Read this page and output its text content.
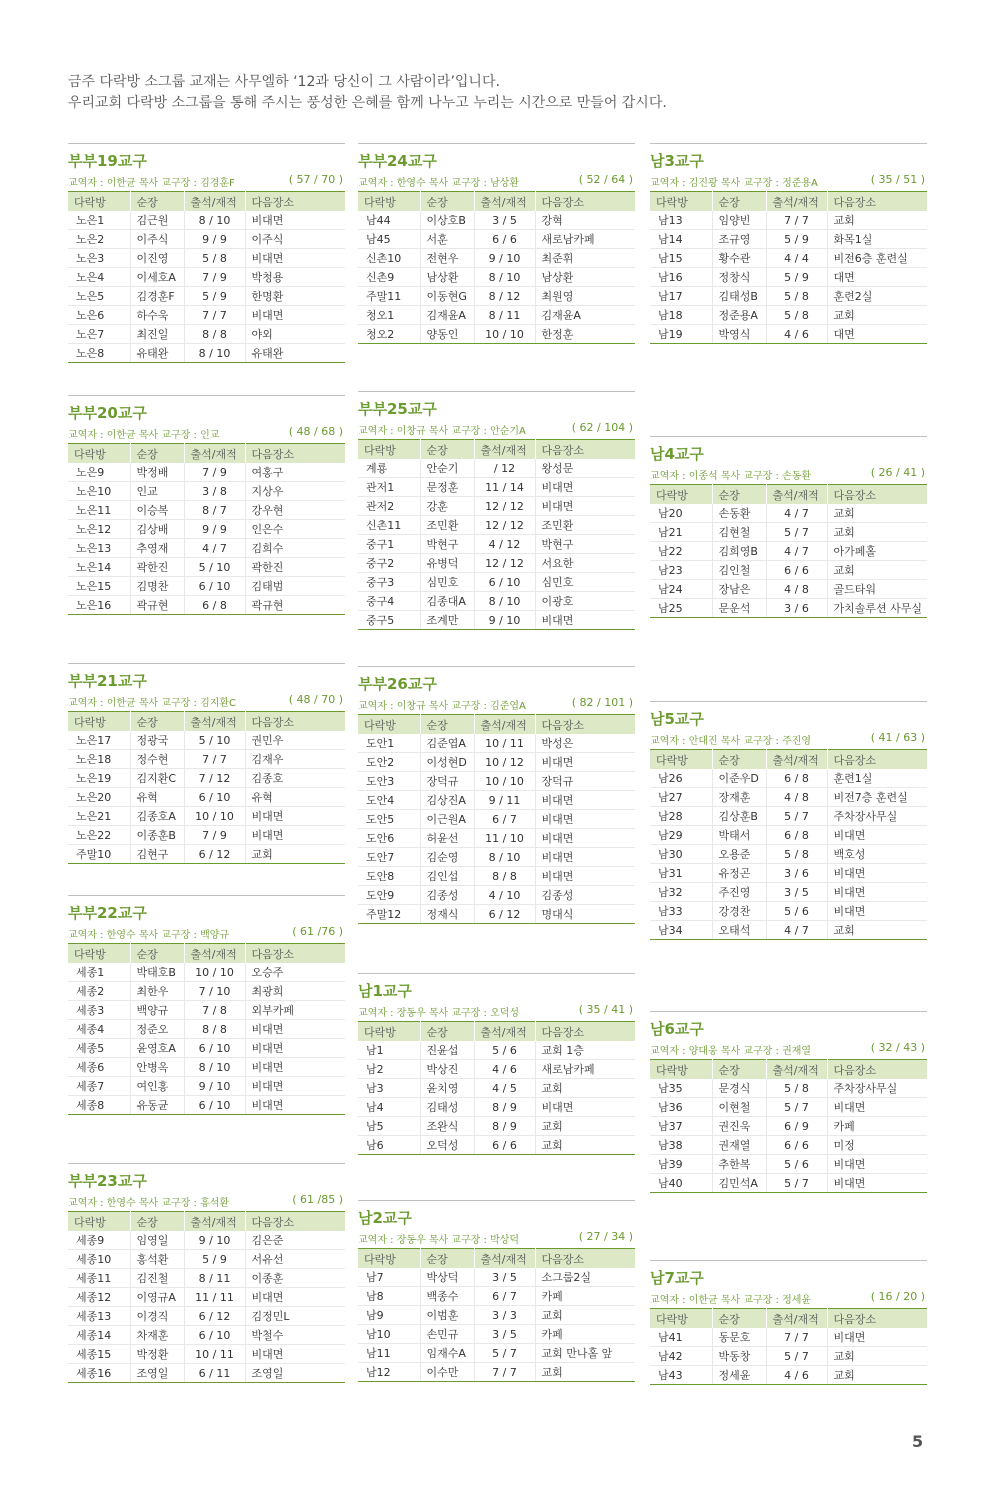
금주 다락방 소그룹 교재는 사무엘하 ‘12과 당신이 그 사람이라’입니다.
우리교회 다락방 소그룹을 통해 주시는 풍성한 은혜를 함께 나누고 누리는 시간으로 만들어 갑시다.
부부19교구
교역자 : 이한균 목사 교구장 : 김경훈F	( 57 / 70 )
다락방	순장	출석/재적	다음장소
노은1	김근원	8 / 10	비대면
노은2	이주식	9 / 9	이주식
노은3	이진영	5 / 8	비대면
노은4	이세호A	7 / 9	박청용
노은5	김경훈F	5 / 9	한명환
노은6	하수욱	7 / 7	비대면
노은7	최진일	8 / 8	야외
노은8	유태완	8 / 10	유태완
부부20교구
교역자 : 이한균 목사 교구장 : 인교	( 48 / 68 )
다락방	순장	출석/재적	다음장소
노은9	박정배	7 / 9	여홍구
노은10	인교	3 / 8	지상우
노은11	이승복	8 / 7	강우현
노은12	김상배	9 / 9	인은수
노은13	추영재	4 / 7	김희수
노은14	곽한진	5 / 10	곽한진
노은15	김명찬	6 / 10	김태범
노은16	곽규현	6 / 8	곽규현
부부21교구
교역자 : 이한균 목사 교구장 : 김지환C	( 48 / 70 )
다락방	순장	출석/재적	다음장소
노은17	정광국	5 / 10	권민우
노은18	정수현	7 / 7	김재우
노은19	김지환C	7 / 12	김종호
노은20	유혁	6 / 10	유혁
노은21	김종호A	10 / 10	비대면
노은22	이종훈B	7 / 9	비대면
주말10	김현구	6 / 12	교회
부부22교구
교역자 : 한영수 목사 교구장 : 백양규	( 61 /76 )
다락방	순장	출석/재적	다음장소
세종1	박태호B	10 / 10	오승주
세종2	최한우	7 / 10	최광희
세종3	백양규	7 / 8	외부카페
세종4	정준오	8 / 8	비대면
세종5	윤영호A	6 / 10	비대면
세종6	안병옥	8 / 10	비대면
세종7	여인홍	9 / 10	비대면
세종8	유동균	6 / 10	비대면
부부23교구
교역자 : 한영수 목사 교구장 : 홍석환	( 61 /85 )
다락방	순장	출석/재적	다음장소
세종9	임영일	9 / 10	김은준
세종10	홍석환	5 / 9	서유선
세종11	김진철	8 / 11	이종훈
세종12	이영규A	11 / 11	비대면
세종13	이경직	6 / 12	김정민L
세종14	차재훈	6 / 10	박철수
세종15	박정환	10 / 11	비대면
세종16	조영일	6 / 11	조영일
부부24교구
교역자 : 한영수 목사 교구장 : 남상환	( 52 / 64 )
다락방	순장	출석/재적	다음장소
남44	이상호B	3 / 5	강혁
남45	서훈	6 / 6	새로남카페
신촌10	전현우	9 / 10	최준휘
신촌9	남상환	8 / 10	남상환
주말11	이동현G	8 / 12	최원영
청오1	김재윤A	8 / 11	김재윤A
청오2	양동인	10 / 10	한정훈
부부25교구
교역자 : 이창규 목사 교구장 : 안순기A	( 62 / 104 )
다락방	순장	출석/재적	다음장소
계룡	안순기	/ 12	왕성문
관저1	문정훈	11 / 14	비대면
관저2	강훈	12 / 12	비대면
신촌11	조민환	12 / 12	조민환
중구1	박현구	4 / 12	박현구
중구2	유병덕	12 / 12	서요한
중구3	심민호	6 / 10	심민호
중구4	김종대A	8 / 10	이광호
중구5	조계만	9 / 10	비대면
부부26교구
교역자 : 이창규 목사 교구장 : 김준엽A	( 82 / 101 )
다락방	순장	출석/재적	다음장소
도안1	김준엽A	10 / 11	박성은
도안2	이성현D	10 / 12	비대면
도안3	장덕규	10 / 10	장덕규
도안4	김상진A	9 / 11	비대면
도안5	이근원A	6 / 7	비대면
도안6	허윤선	11 / 10	비대면
도안7	김순영	8 / 10	비대면
도안8	김인섭	8 / 8	비대면
도안9	김종성	4 / 10	김종성
주말12	정재식	6 / 12	명대식
남1교구
교역자 : 장동우 목사 교구장 : 오덕성	( 35 / 41 )
다락방	순장	출석/재적	다음장소
남1	진윤섭	5 / 6	교회 1층
남2	박상진	4 / 6	새로남카페
남3	윤치영	4 / 5	교회
남4	김태성	8 / 9	비대면
남5	조완식	8 / 9	교회
남6	오덕성	6 / 6	교회
남2교구
교역자 : 장동우 목사 교구장 : 박상덕	( 27 / 34 )
다락방	순장	출석/재적	다음장소
남7	박상덕	3 / 5	소그룹2실
남8	백종수	6 / 7	카페
남9	이범훈	3 / 3	교회
남10	손민규	3 / 5	카페
남11	임재수A	5 / 7	교회 만나홀 앞
남12	이수만	7 / 7	교회
남3교구
교역자 : 김진광 목사 교구장 : 정준용A	( 35 / 51 )
다락방	순장	출석/재적	다음장소
남13	임양빈	7 / 7	교회
남14	조규영	5 / 9	화목1실
남15	황수관	4 / 4	비전6층 훈련실
남16	정창식	5 / 9	대면
남17	김태성B	5 / 8	훈련2실
남18	정준용A	5 / 8	교회
남19	박영식	4 / 6	대면
남4교구
교역자 : 이종석 목사 교구장 : 손동환	( 26 / 41 )
다락방	순장	출석/재적	다음장소
남20	손동환	4 / 7	교회
남21	김현철	5 / 7	교회
남22	김희영B	4 / 7	아가페홀
남23	김인철	6 / 6	교회
남24	장남은	4 / 8	골드타워
남25	문운석	3 / 6	가치솔루션 사무실
남5교구
교역자 : 안대진 목사 교구장 : 주진영	( 41 / 63 )
다락방	순장	출석/재적	다음장소
남26	이준우D	6 / 8	훈련1실
남27	장재훈	4 / 8	비전7층 훈련실
남28	김상훈B	5 / 7	주차장사무실
남29	박태서	6 / 8	비대면
남30	오용준	5 / 8	백호성
남31	유정곤	3 / 6	비대면
남32	주진영	3 / 5	비대면
남33	강경찬	5 / 6	비대면
남34	오태석	4 / 7	교회
남6교구
교역자 : 양대웅 목사 교구장 : 권재열	( 32 / 43 )
다락방	순장	출석/재적	다음장소
남35	문경식	5 / 8	주차장사무실
남36	이현철	5 / 7	비대면
남37	권진욱	6 / 9	카페
남38	권재열	6 / 6	미정
남39	추한복	5 / 6	비대면
남40	김민석A	5 / 7	비대면
남7교구
교역자 : 이한균 목사 교구장 : 정세윤	( 16 / 20 )
다락방	순장	출석/재적	다음장소
남41	동문호	7 / 7	비대면
남42	박동창	5 / 7	교회
남43	정세윤	4 / 6	교회
5
